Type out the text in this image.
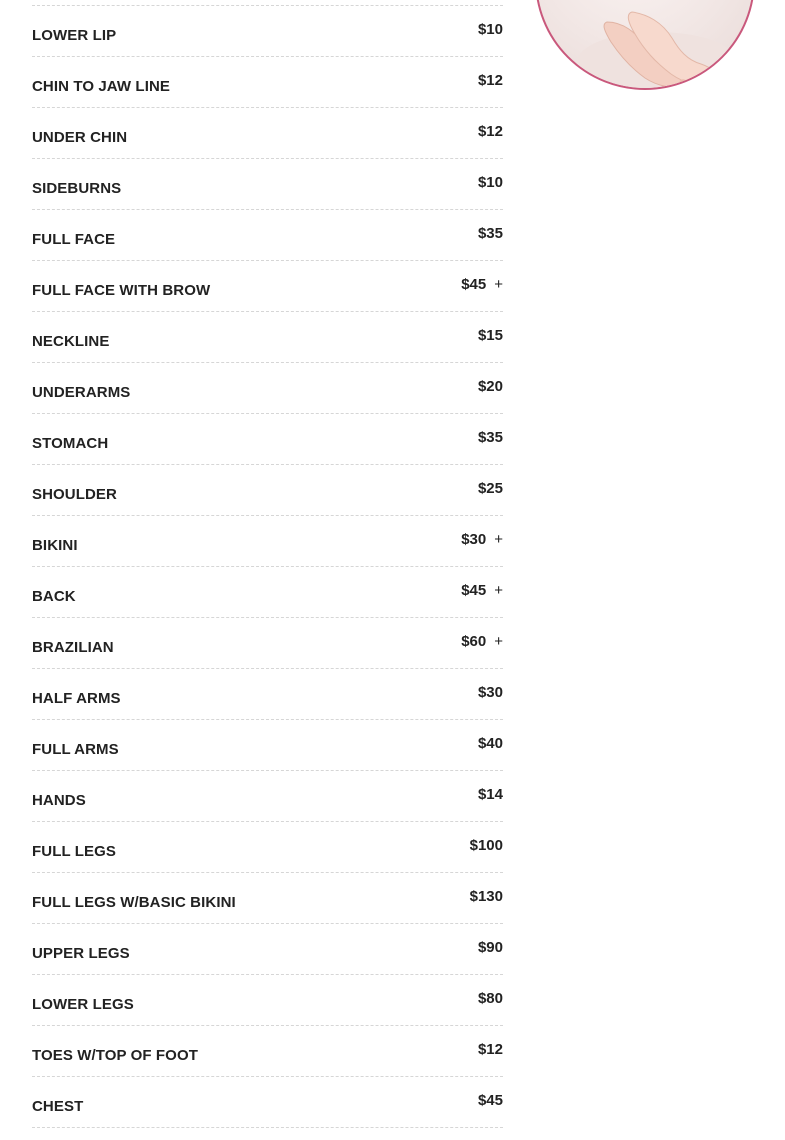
LOWER LIP	$10
CHIN TO JAW LINE	$12
UNDER CHIN	$12
SIDEBURNS	$10
FULL FACE	$35
FULL FACE WITH BROW	$45 +
NECKLINE	$15
UNDERARMS	$20
STOMACH	$35
SHOULDER	$25
BIKINI	$30 +
BACK	$45 +
BRAZILIAN	$60 +
HALF ARMS	$30
FULL ARMS	$40
HANDS	$14
FULL LEGS	$100
FULL LEGS W/BASIC BIKINI	$130
UPPER LEGS	$90
LOWER LEGS	$80
TOES W/TOP OF FOOT	$12
CHEST	$45
